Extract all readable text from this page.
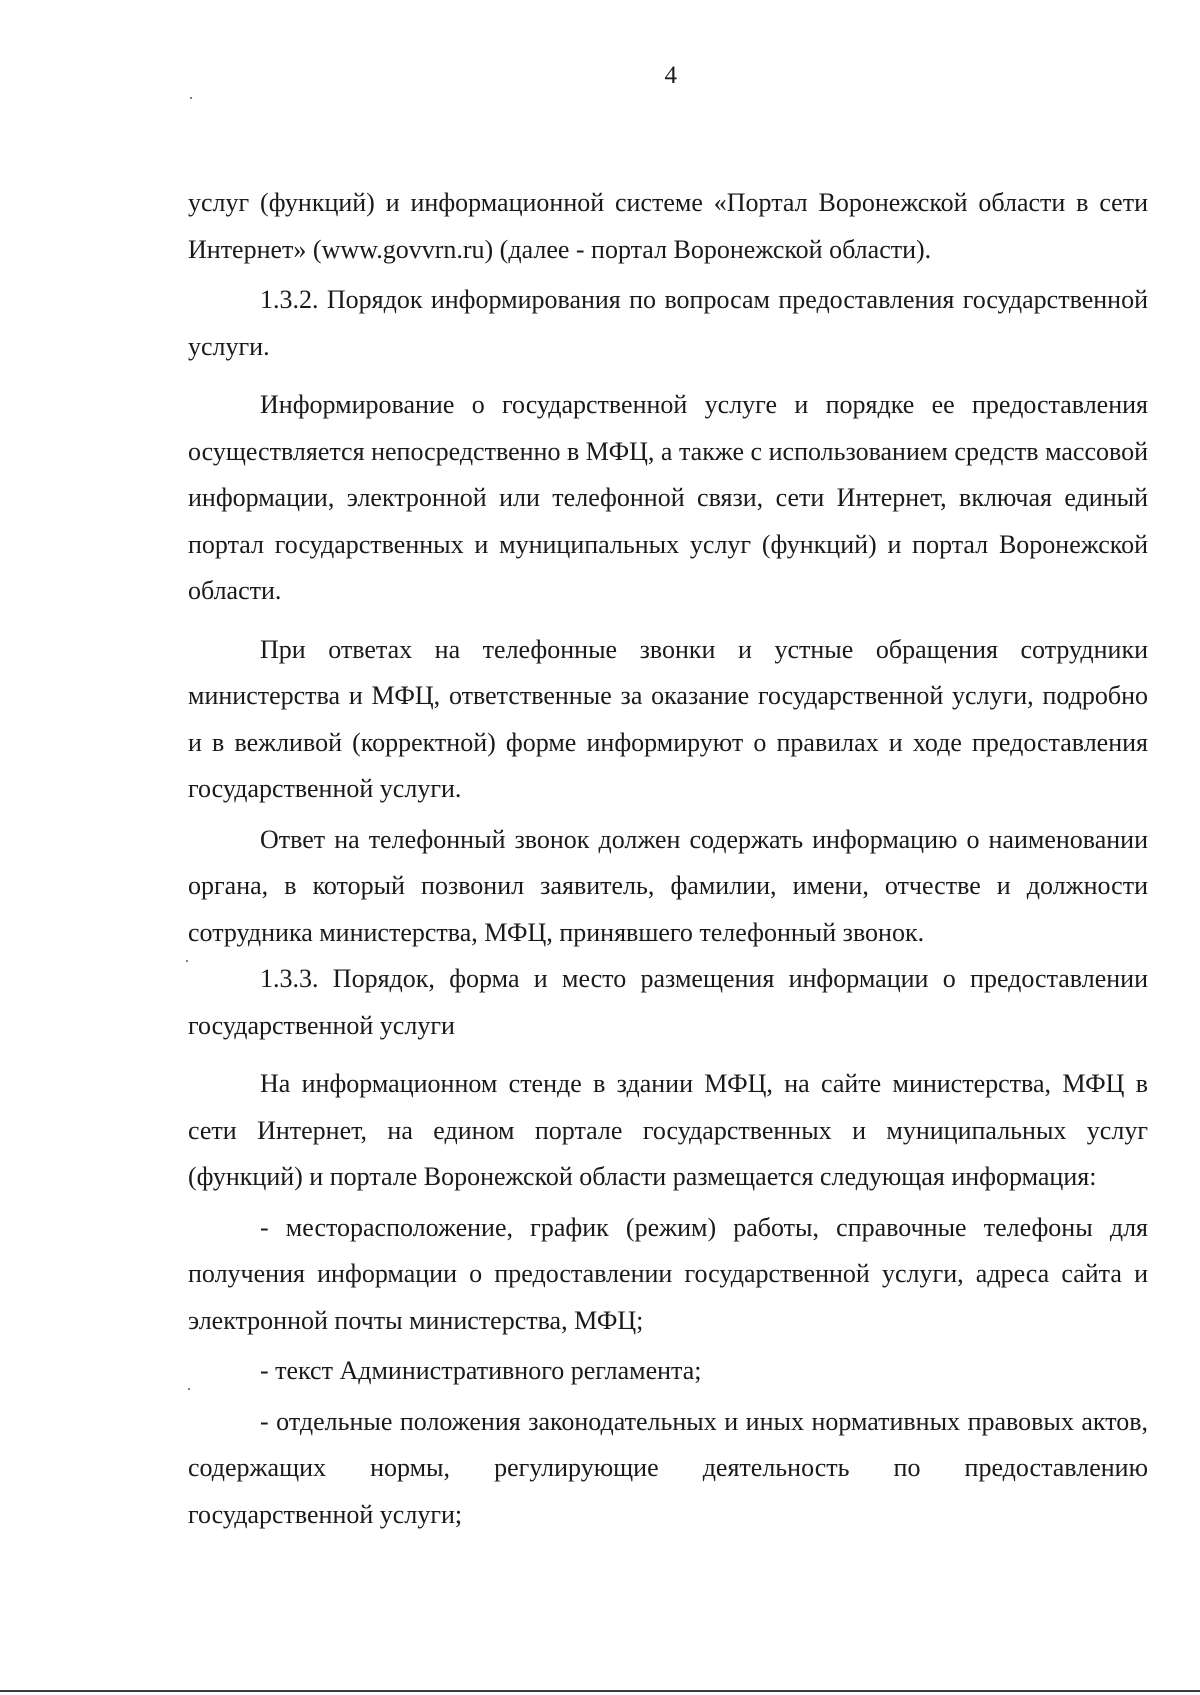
4

услуг (функций) и информационной системе «Портал Воронежской области в сети Интернет» (www.govvrn.ru) (далее - портал Воронежской области).

1.3.2. Порядок информирования по вопросам предоставления государственной услуги.

Информирование о государственной услуге и порядке ее предоставления осуществляется непосредственно в МФЦ, а также с использованием средств массовой информации, электронной или телефонной связи, сети Интернет, включая единый портал государственных и муниципальных услуг (функций) и портал Воронежской области.

При ответах на телефонные звонки и устные обращения сотрудники министерства и МФЦ, ответственные за оказание государственной услуги, подробно и в вежливой (корректной) форме информируют о правилах и ходе предоставления государственной услуги.

Ответ на телефонный звонок должен содержать информацию о наименовании органа, в который позвонил заявитель, фамилии, имени, отчестве и должности сотрудника министерства, МФЦ, принявшего телефонный звонок.

1.3.3. Порядок, форма и место размещения информации о предоставлении государственной услуги

На информационном стенде в здании МФЦ, на сайте министерства, МФЦ в сети Интернет, на едином портале государственных и муниципальных услуг (функций) и портале Воронежской области размещается следующая информация:

- месторасположение, график (режим) работы, справочные телефоны для получения информации о предоставлении государственной услуги, адреса сайта и электронной почты министерства, МФЦ;

- текст Административного регламента;

- отдельные положения законодательных и иных нормативных правовых актов, содержащих нормы, регулирующие деятельность по предоставлению государственной услуги;
